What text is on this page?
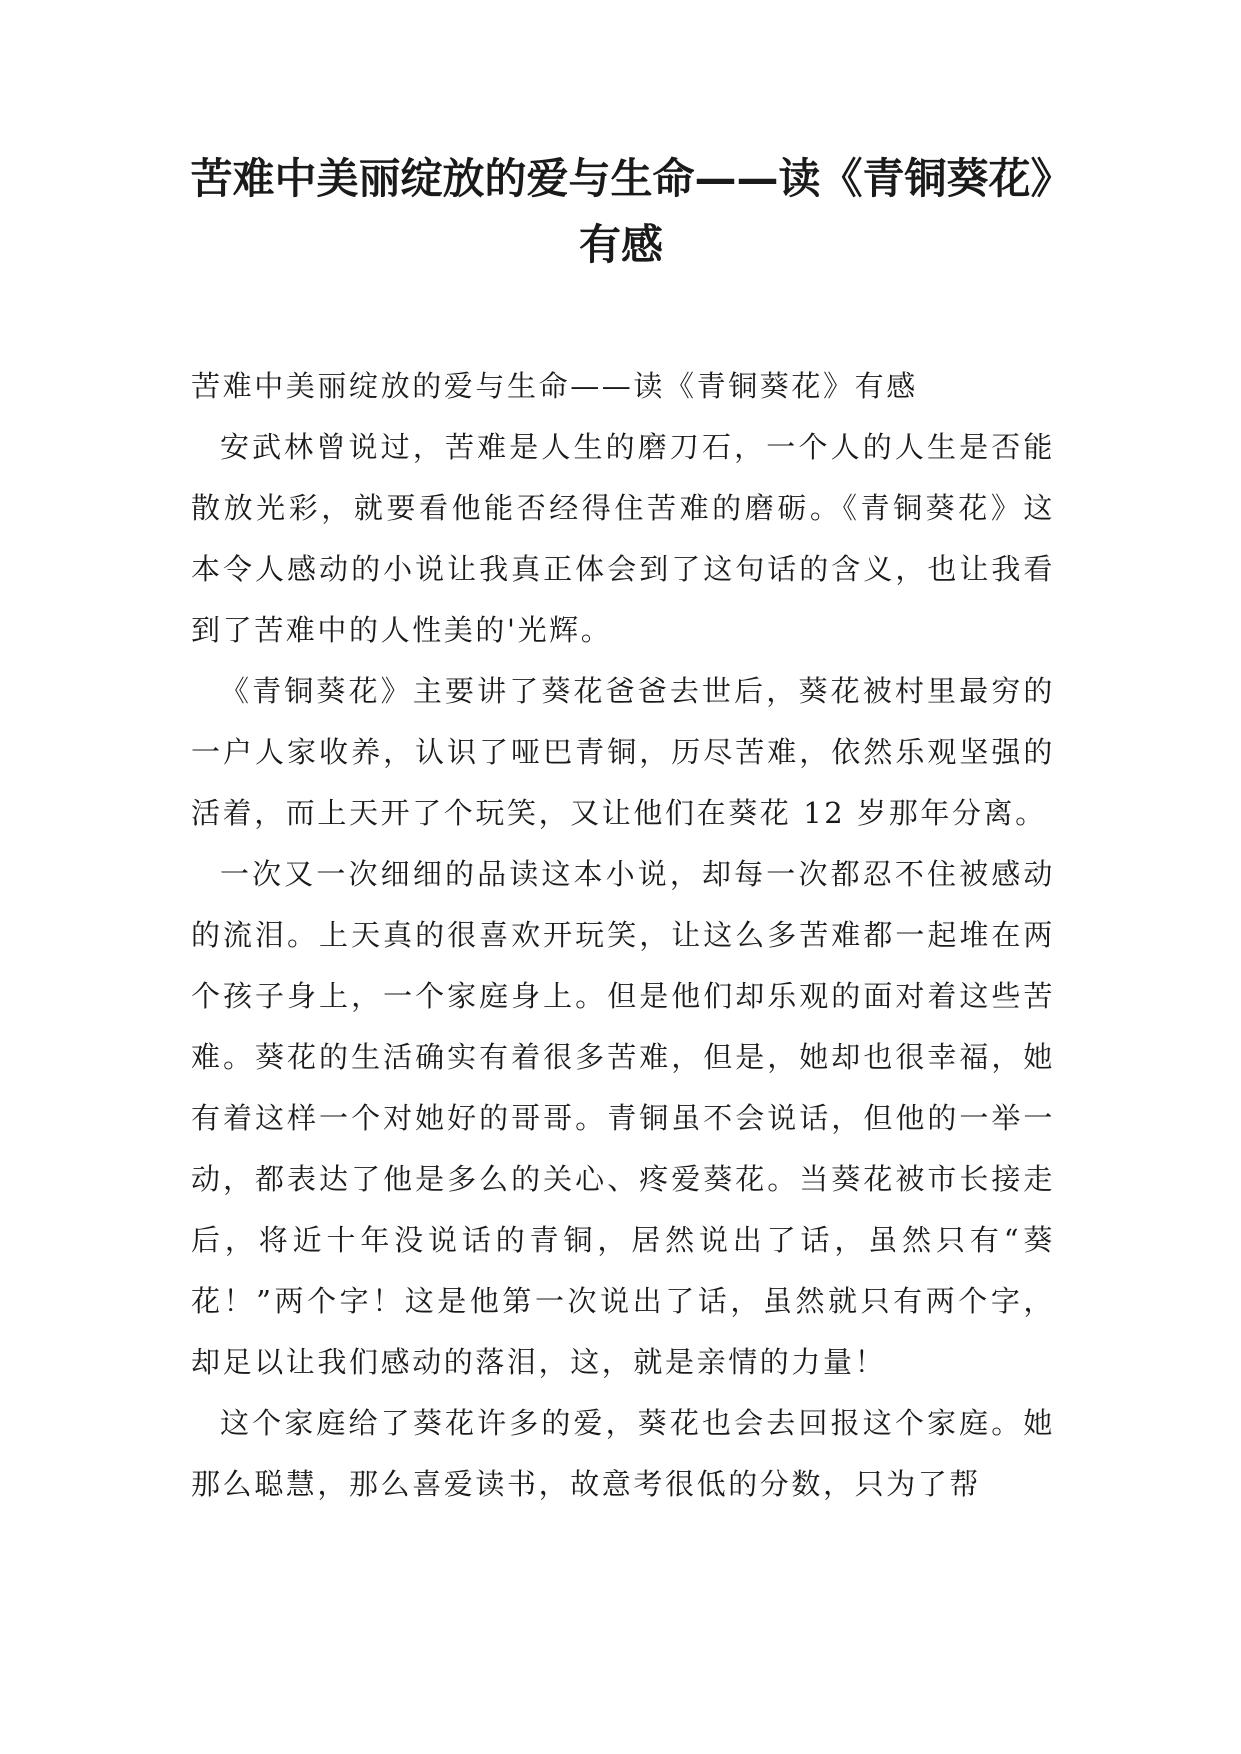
苦难中美丽绽放的爱与生命——读《青铜葵花》有感

苦难中美丽绽放的爱与生命——读《青铜葵花》有感

安武林曾说过，苦难是人生的磨刀石，一个人的人生是否能散放光彩，就要看他能否经得住苦难的磨砺。《青铜葵花》这本令人感动的小说让我真正体会到了这句话的含义，也让我看到了苦难中的人性美的'光辉。

《青铜葵花》主要讲了葵花爸爸去世后，葵花被村里最穷的一户人家收养，认识了哑巴青铜，历尽苦难，依然乐观坚强的活着，而上天开了个玩笑，又让他们在葵花 12 岁那年分离。

一次又一次细细的品读这本小说，却每一次都忍不住被感动的流泪。上天真的很喜欢开玩笑，让这么多苦难都一起堆在两个孩子身上，一个家庭身上。但是他们却乐观的面对着这些苦难。葵花的生活确实有着很多苦难，但是，她却也很幸福，她有着这样一个对她好的哥哥。青铜虽不会说话，但他的一举一动，都表达了他是多么的关心、疼爱葵花。当葵花被市长接走后，将近十年没说话的青铜，居然说出了话，虽然只有“葵花！”两个字！这是他第一次说出了话，虽然就只有两个字，却足以让我们感动的落泪，这，就是亲情的力量！

这个家庭给了葵花许多的爱，葵花也会去回报这个家庭。她那么聪慧，那么喜爱读书，故意考很低的分数，只为了帮
